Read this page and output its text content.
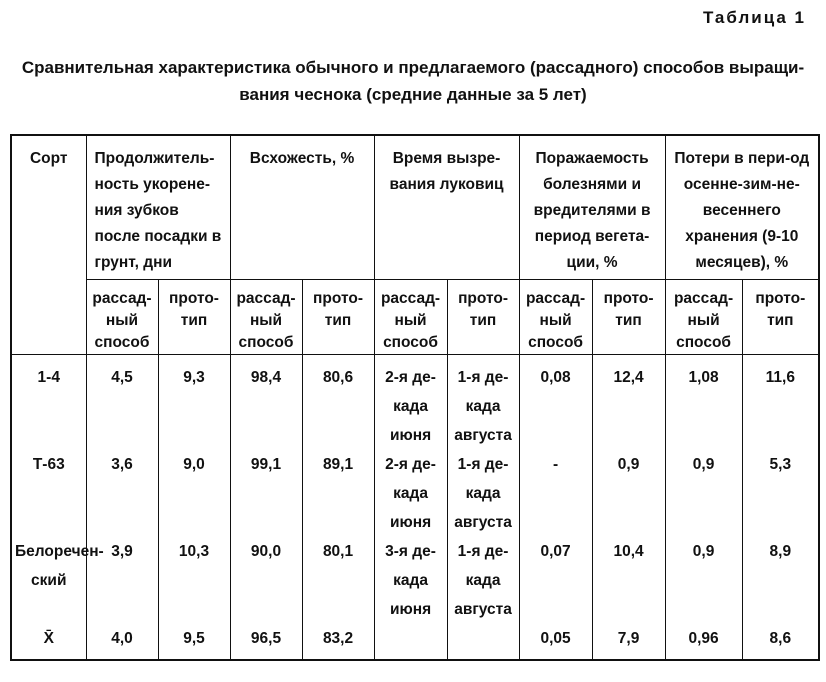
Таблица 1
Сравнительная характеристика обычного и предлагаемого (рассадного) способов выращи-
вания чеснока (средние данные за 5 лет)
Сорт	Продолжитель-ность укорене-ния зубков после посадки в грунт, дни		Всхожесть, %		Время вызре-вания луковиц		Поражаемость болезнями и вредителями в период вегета-ции, %		Потери в пери-од осенне-зим-не-весеннего хранения (9-10 месяцев), %	
	рассад-ный способ	прото-тип	рассад-ный способ	прото-тип	рассад-ный способ	прото-тип	рассад-ный способ	прото-тип	рассад-ный способ	прото-тип
1-4	4,5	9,3	98,4	80,6	2-я де-када июня	1-я де-када августа	0,08	12,4	1,08	11,6
Т-63	3,6	9,0	99,1	89,1	2-я де-када июня	1-я де-када августа	-	0,9	0,9	5,3
Белоречен-ский	3,9	10,3	90,0	80,1	3-я де-када июня	1-я де-када августа	0,07	10,4	0,9	8,9
X̄	4,0	9,5	96,5	83,2			0,05	7,9	0,96	8,6
